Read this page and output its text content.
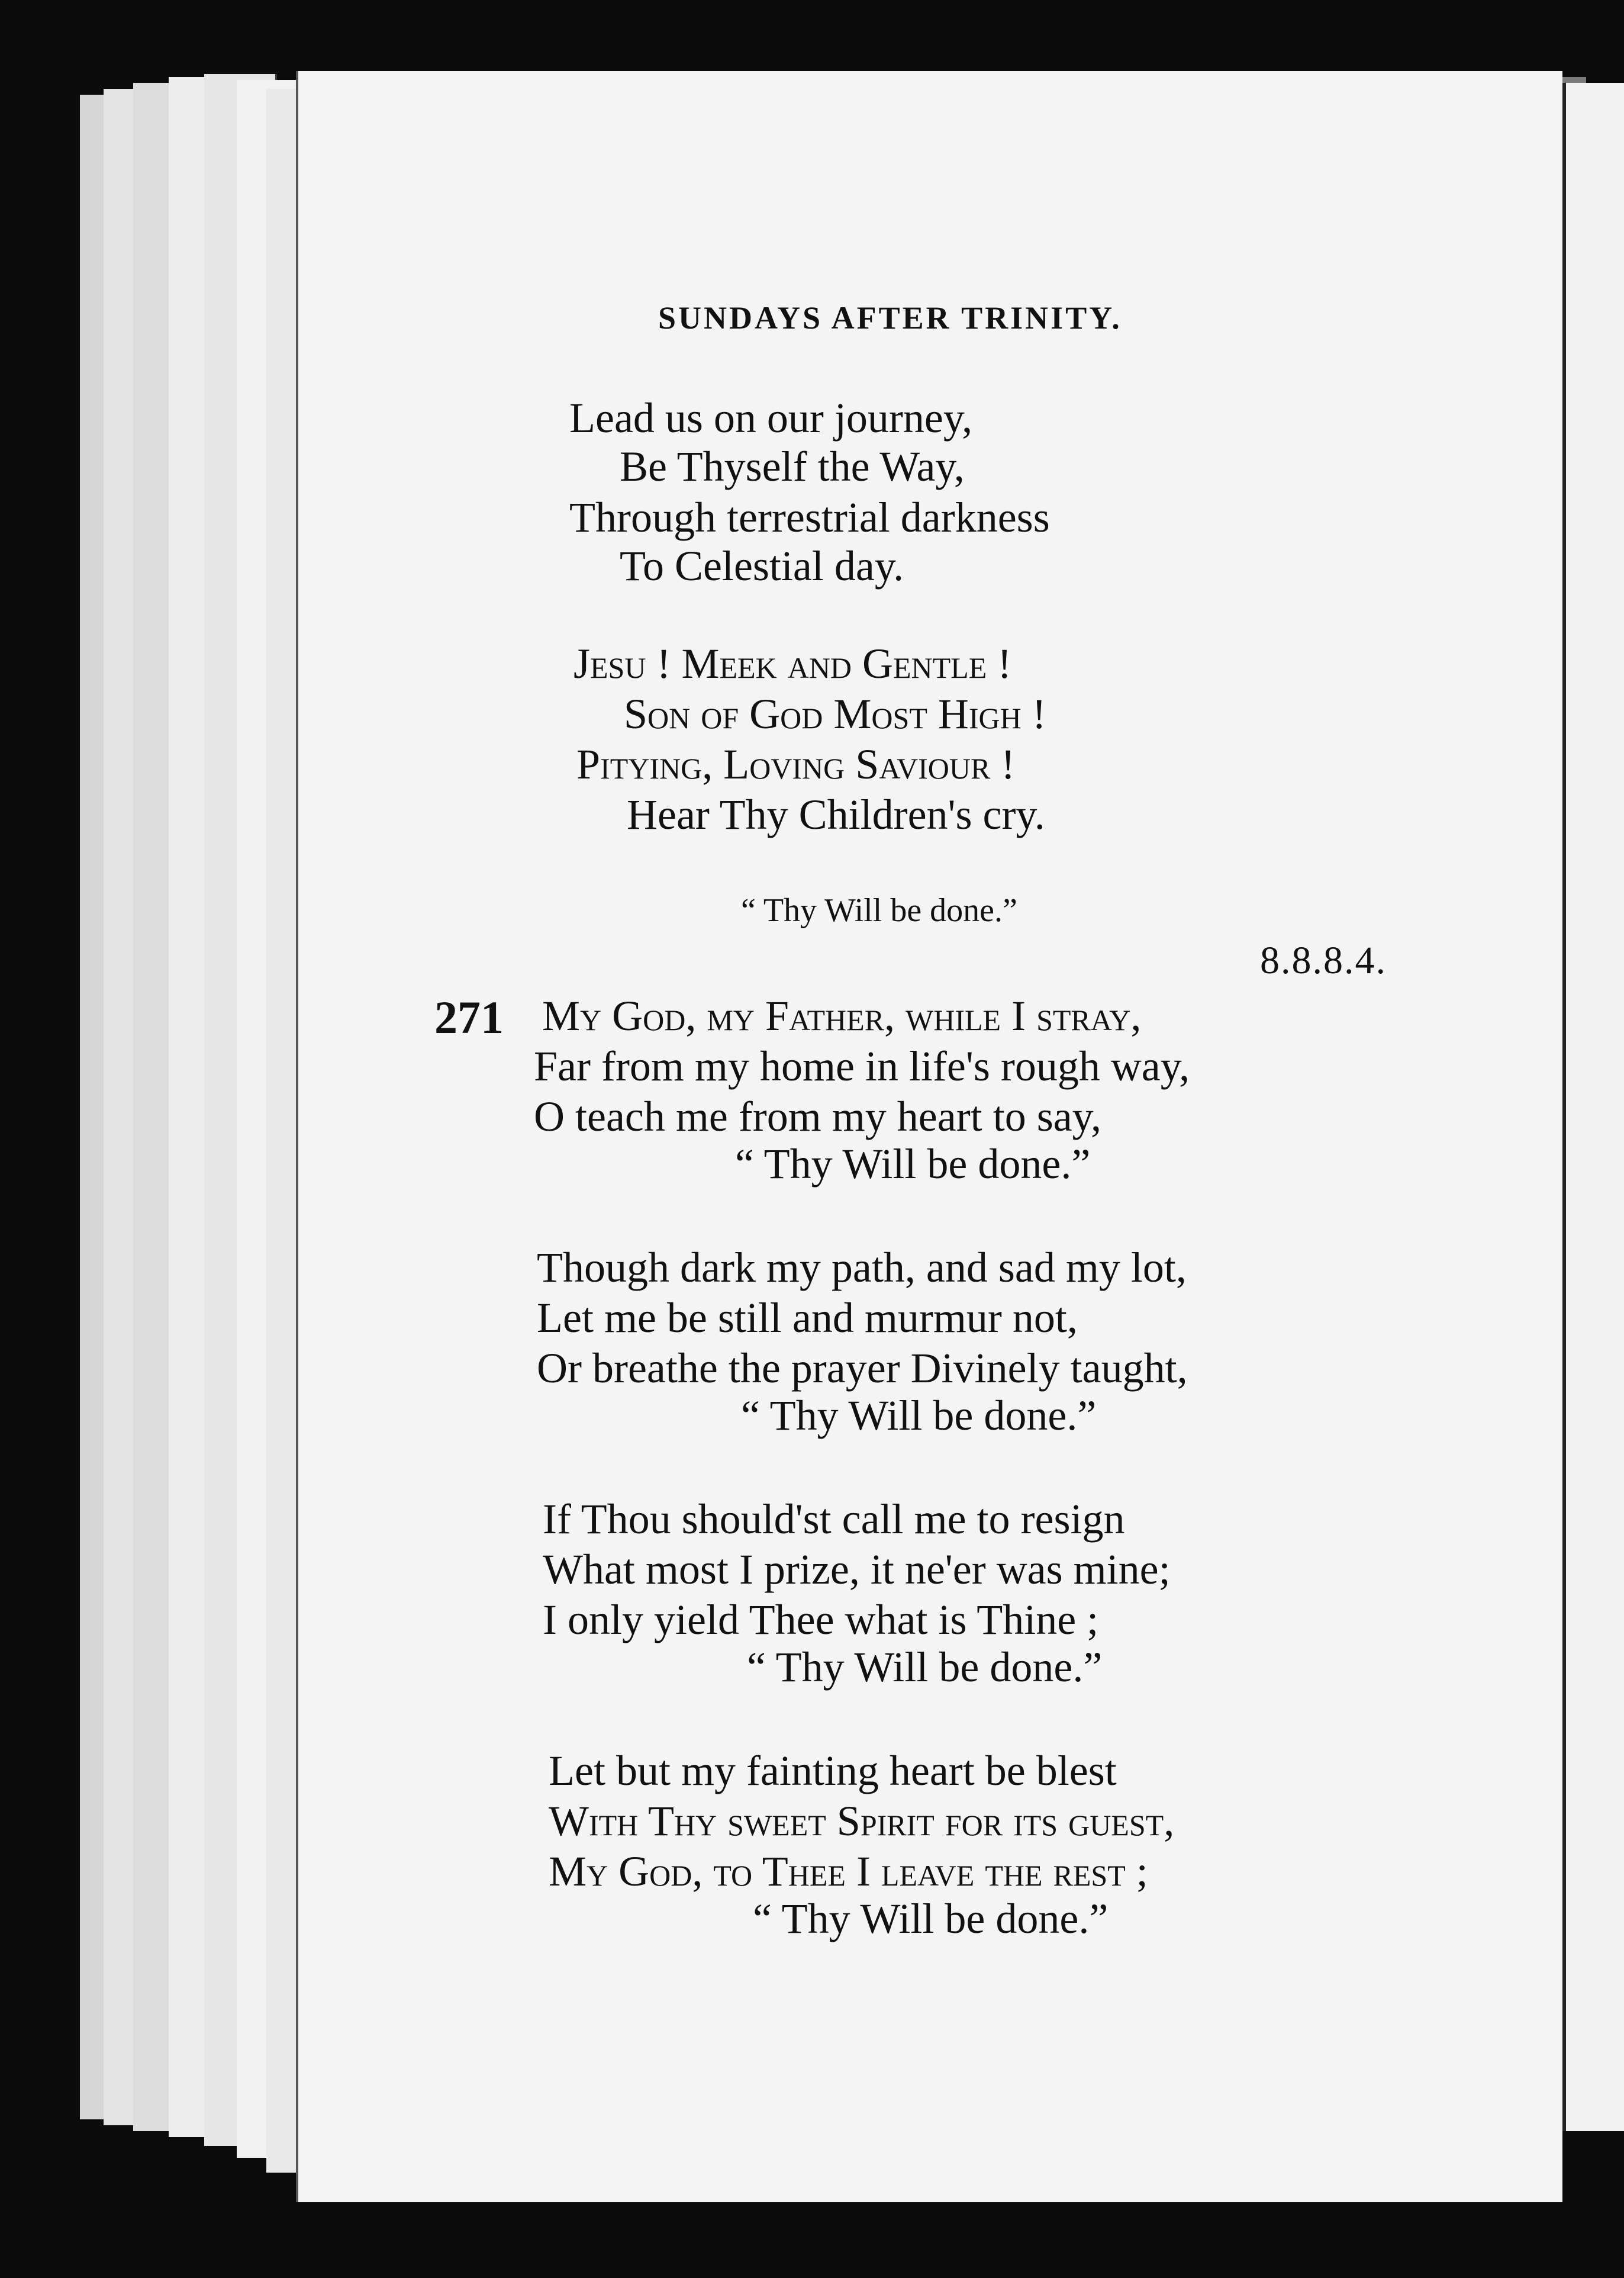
SUNDAYS AFTER TRINITY.
Lead us on our journey,
Be Thyself the Way,
Through terrestrial darkness
To Celestial day.
Jesu ! Meek and Gentle !
Son of God Most High !
Pitying, Loving Saviour !
Hear Thy Children's cry.
“ Thy Will be done.”
8.8.8.4.
271 My God, my Father, while I stray,
Far from my home in life's rough way,
O teach me from my heart to say,
“ Thy Will be done.”
Though dark my path, and sad my lot,
Let me be still and murmur not,
Or breathe the prayer Divinely taught,
“ Thy Will be done.”
If Thou should'st call me to resign
What most I prize, it ne'er was mine;
I only yield Thee what is Thine ;
“ Thy Will be done.”
Let but my fainting heart be blest
With Thy sweet Spirit for its guest,
My God, to Thee I leave the rest ;
“ Thy Will be done.”
